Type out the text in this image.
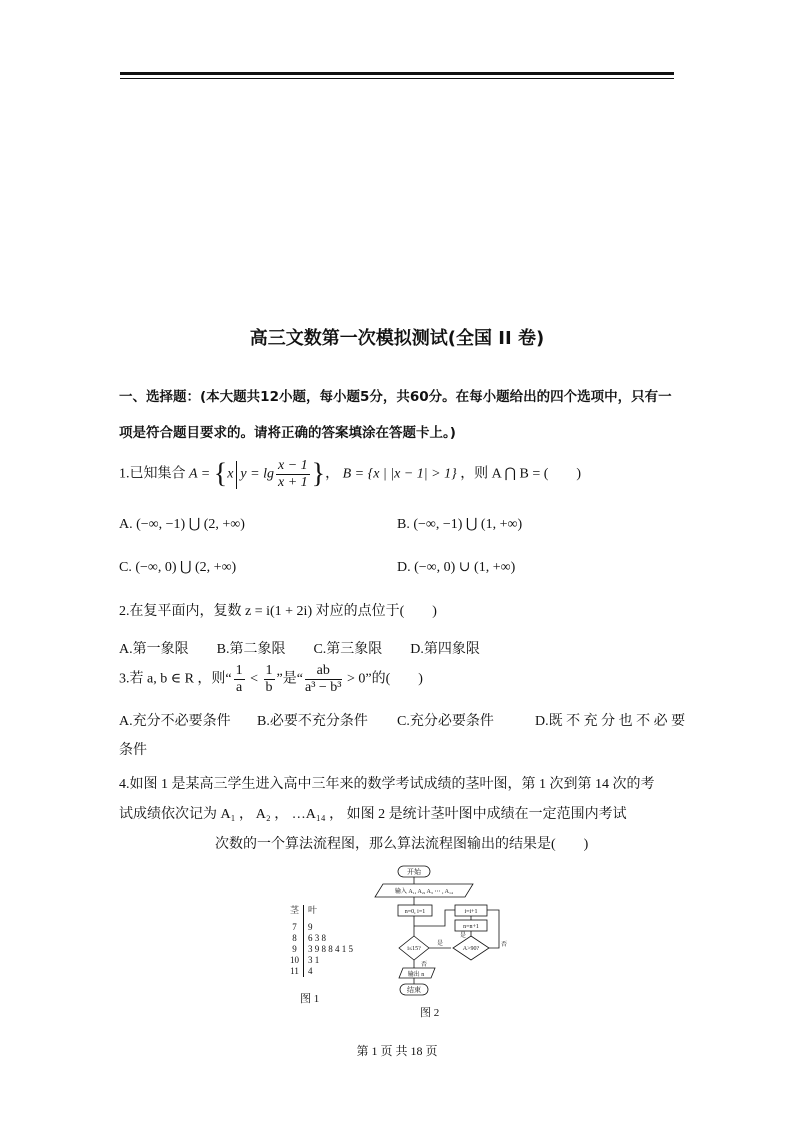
高三文数第一次模拟测试(全国 II 卷)
一、选择题：(本大题共12小题，每小题5分，共60分。在每小题给出的四个选项中，只有一
项是符合题目要求的。请将正确的答案填涂在答题卡上。)
1.已知集合 A = {x $y = \lg \frac{x - 1}{x + 1}$ }， B = {x | |x − 1| > 1} ，则 A ⋂ B = (　　)
A. (−∞, −1) ⋃ (2, +∞)	B. (−∞, −1) ⋃ (1, +∞)
C. (−∞, 0) ⋃ (2, +∞)	D. (−∞, 0) ∪ (1, +∞)
2.在复平面内，复数 z = i(1 + 2i) 对应的点位于(　　)
A.第一象限　　B.第二象限　　C.第三象限　　D.第四象限
3.若 a, b ∈ R ，则“ $\frac{1}{a} < \frac{1}{b}$ ”是“ $\frac{ab}{\text{a³ − b³}} > 0$”的(　　)
A.充分不必要条件 B.必要不充分条件 C.充分必要条件	D.既 不 充 分 也 不 必 要
条件
4.如图 1 是某高三学生进入高中三年来的数学考试成绩的茎叶图，第 1 次到第 14 次的考
试成绩依次记为 A₁ ， A₂ ， …A₁₄ ， 如图 2 是统计茎叶图中成绩在一定范围内考试
次数的一个算法流程图，那么算法流程图输出的结果是(　　)
茎	叶

7	9
8	6 3 8
9	3 9 8 8 4 1 5
10	3 1
11	4
图 1
开始
输入 A₁, A₂, A₃ ⋯ , A₁₄
n=0, i=1
i≤15?
是
A>90?
n=n+1
i=i+1
否
是
否
输出 n
结束
图 2
第 1 页 共 18 页
